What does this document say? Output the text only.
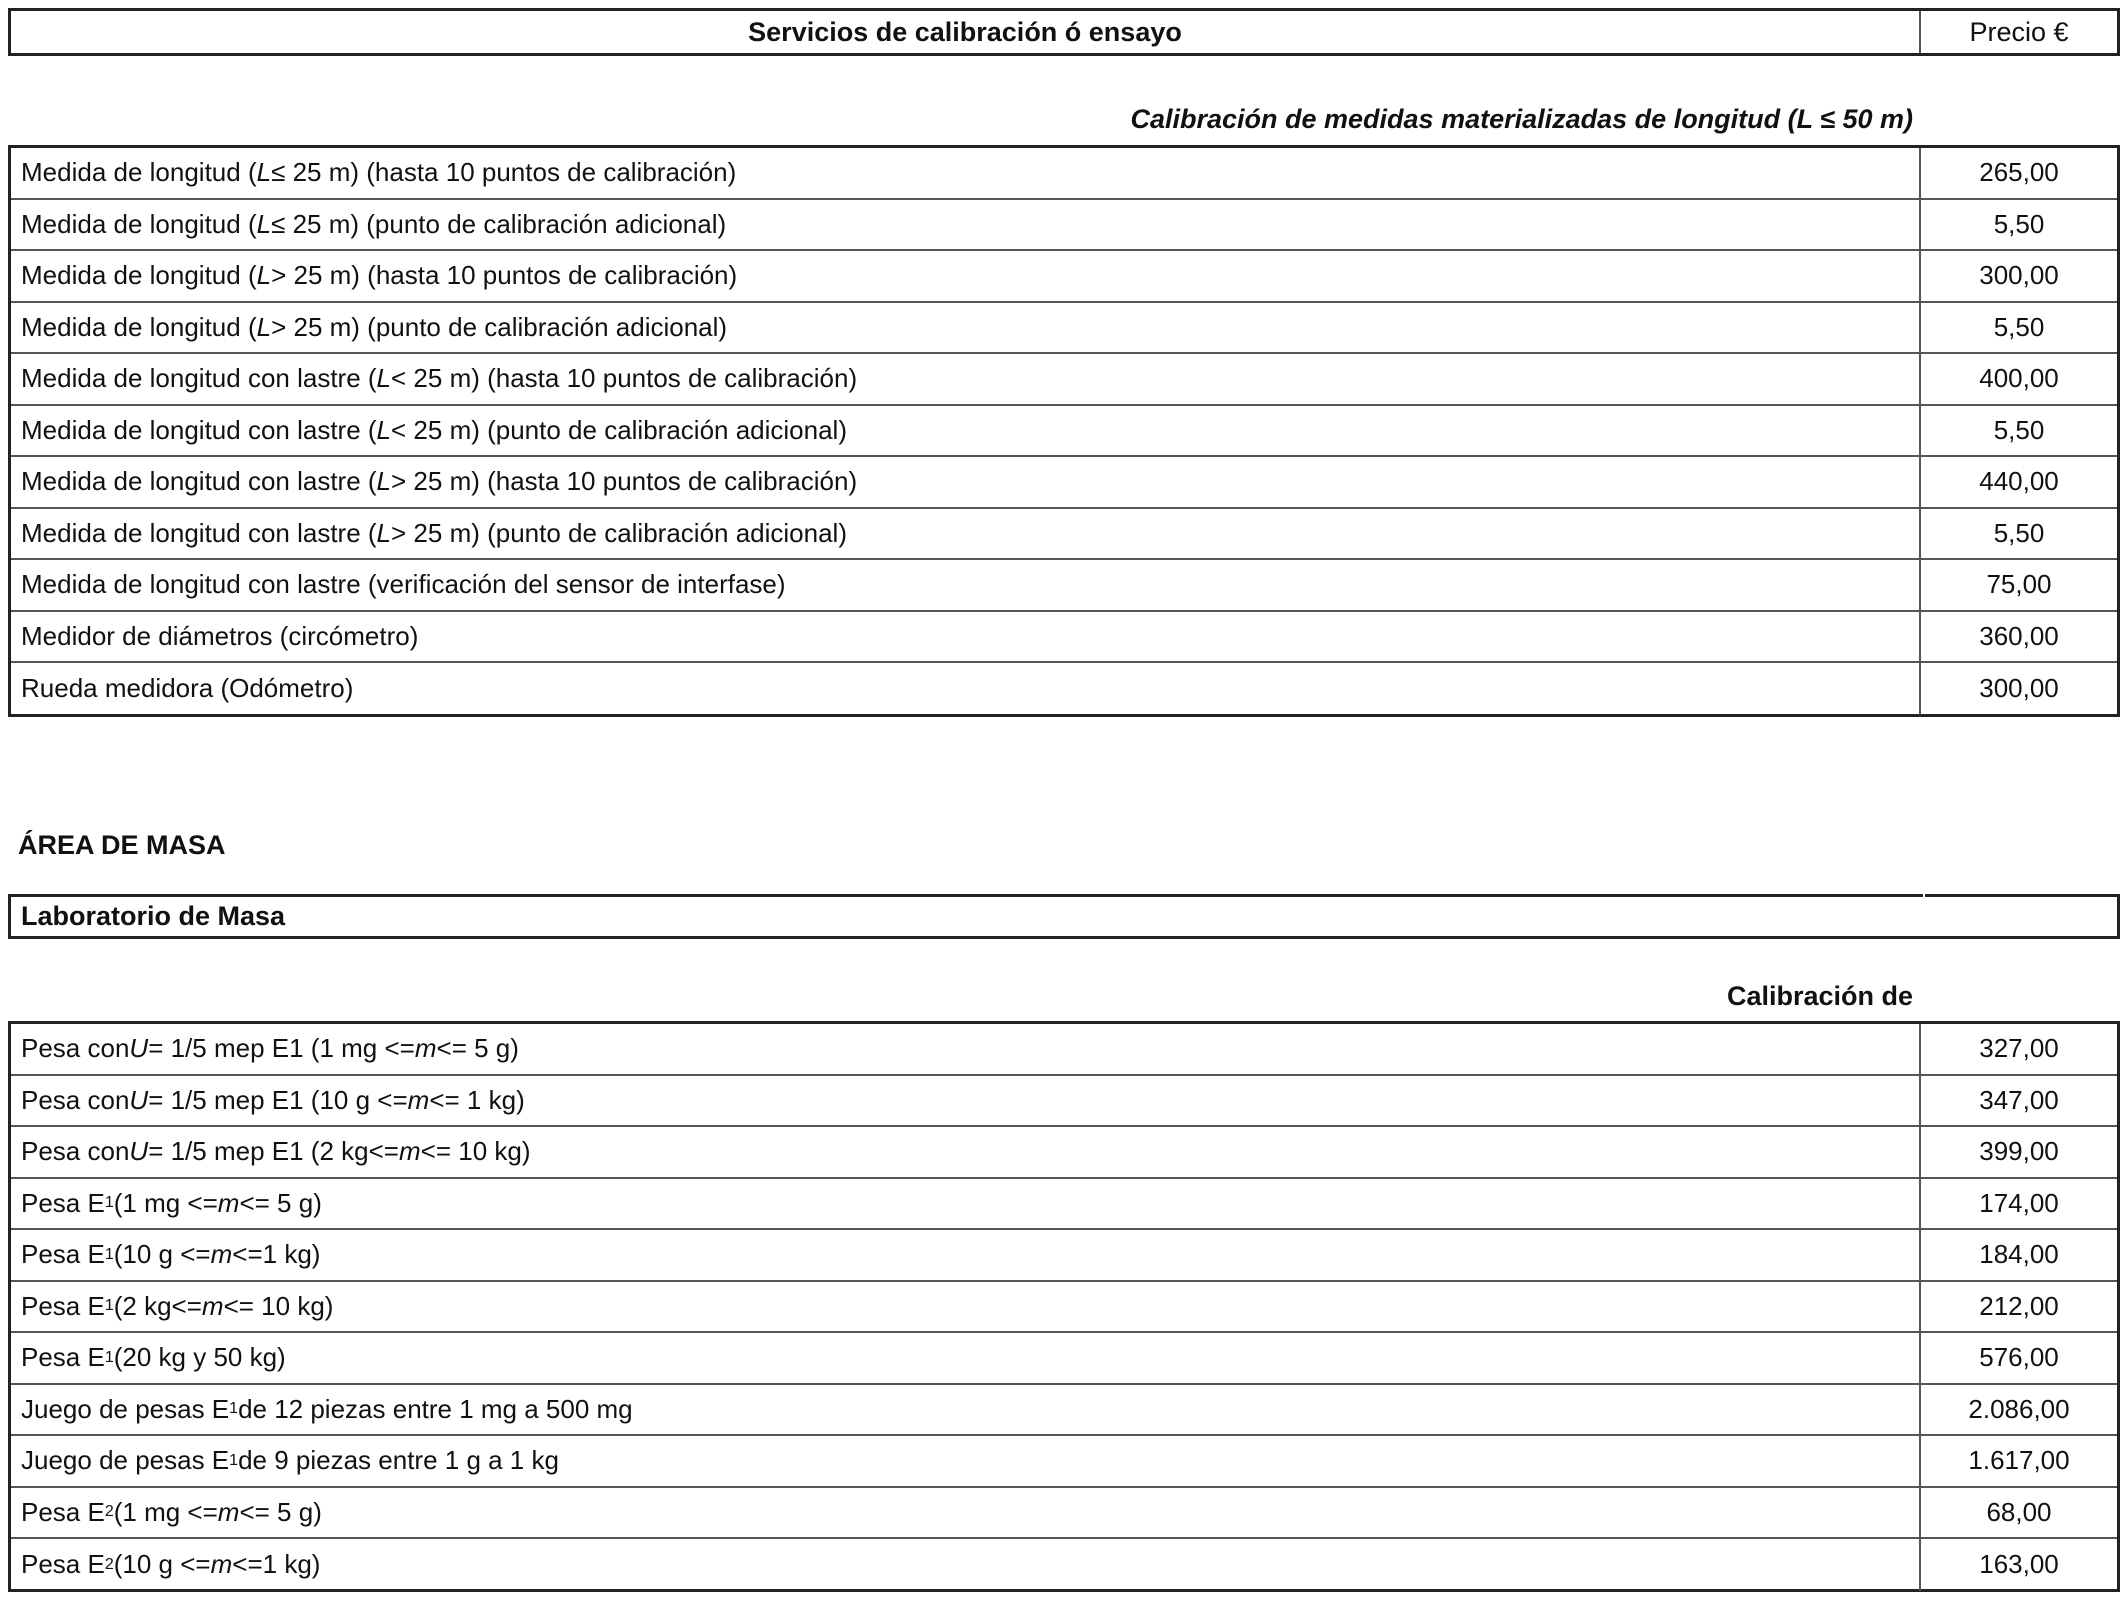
Servicios de calibración ó ensayo	Precio €
Calibración de medidas materializadas de longitud (L ≤ 50 m)
Medida de longitud ( L ≤ 25 m) (hasta 10 puntos de calibración)	265,00
Medida de longitud ( L ≤ 25 m) (punto de calibración adicional)	5,50
Medida de longitud ( L > 25 m) (hasta 10 puntos de calibración)	300,00
Medida de longitud ( L > 25 m) (punto de calibración adicional)	5,50
Medida de longitud con lastre ( L < 25 m) (hasta 10 puntos de calibración)	400,00
Medida de longitud con lastre ( L < 25 m) (punto de calibración adicional)	5,50
Medida de longitud con lastre ( L > 25 m) (hasta 10 puntos de calibración)	440,00
Medida de longitud con lastre ( L > 25 m) (punto de calibración adicional)	5,50
Medida de longitud con lastre (verificación del sensor de interfase)	75,00
Medidor de diámetros (circómetro)	360,00
Rueda medidora (Odómetro)	300,00
ÁREA DE MASA
Laboratorio de Masa
Calibración de
Pesa con U = 1/5 mep E1 (1 mg <= m <= 5 g)	327,00
Pesa con U = 1/5 mep E1 (10 g <= m <= 1 kg)	347,00
Pesa con U = 1/5 mep E1 (2 kg<= m <= 10 kg)	399,00
Pesa E 1 (1 mg <= m <= 5 g)	174,00
Pesa E 1 (10 g <= m <=1 kg)	184,00
Pesa E 1 (2 kg<= m <= 10 kg)	212,00
Pesa E 1 (20 kg y 50 kg)	576,00
Juego de pesas E 1 de 12 piezas entre 1 mg a 500 mg	2.086,00
Juego de pesas E 1 de 9 piezas entre 1 g a 1 kg	1.617,00
Pesa E 2 (1 mg <= m <= 5 g)	68,00
Pesa E 2 (10 g <= m <=1 kg)	163,00
